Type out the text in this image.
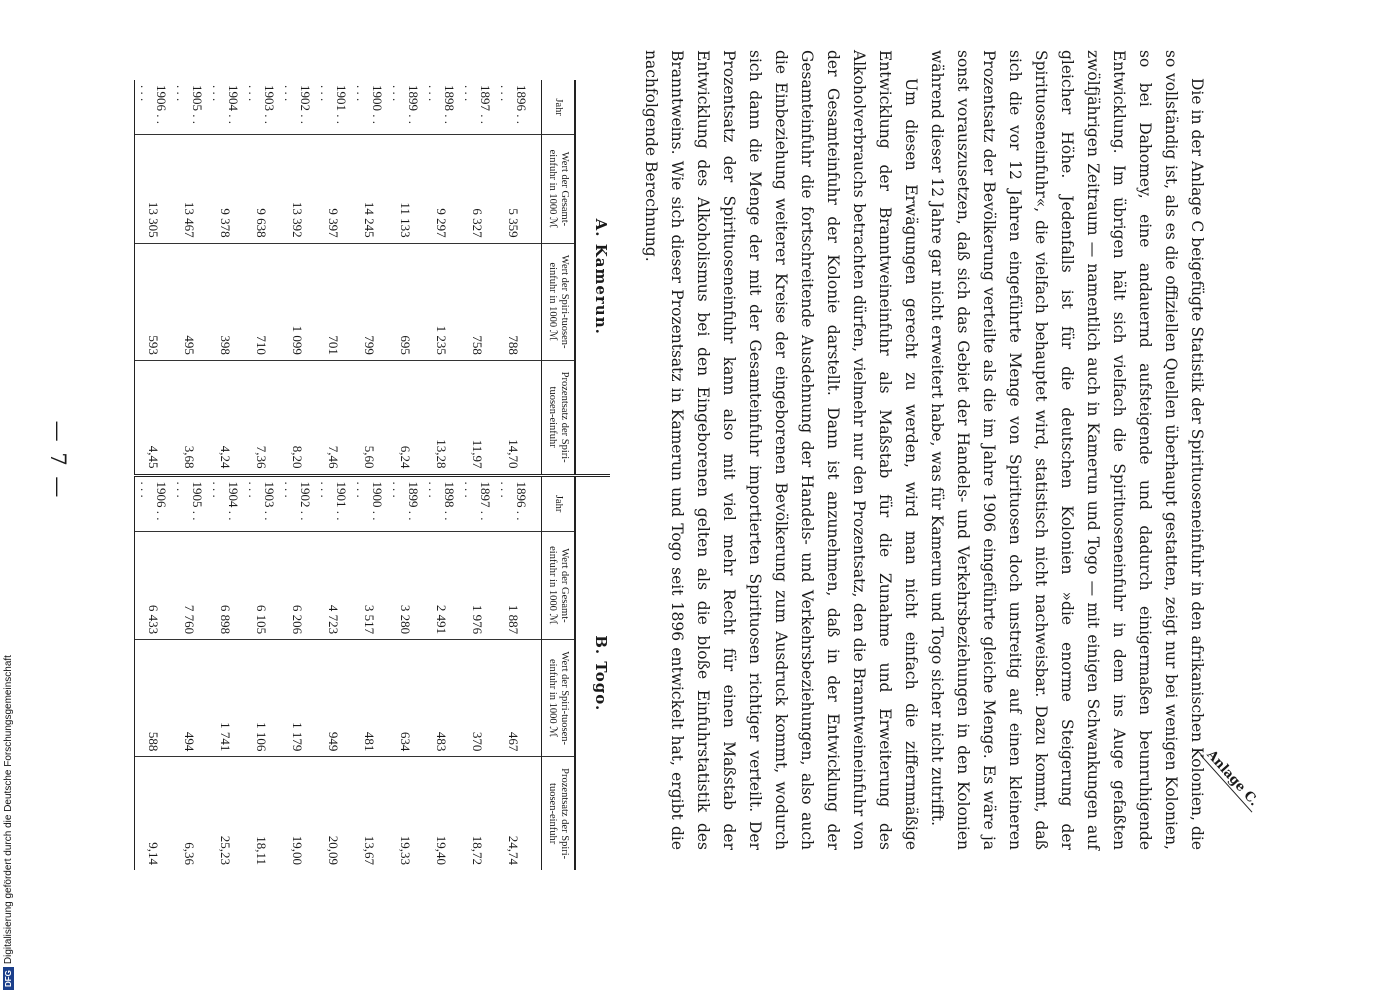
Anlage C.

Die in der Anlage C beigefügte Statistik der Spirituoseneinfuhr in den afrikanischen Kolonien, die so vollständig ist, als es die offiziellen Quellen überhaupt gestatten, zeigt nur bei wenigen Kolonien, so bei Dahomey, eine andauernd aufsteigende und dadurch einigermaßen beunruhigende Entwicklung. Im übrigen hält sich vielfach die Spirituoseneinfuhr in dem ins Auge gefaßten zwölfjährigen Zeitraum — namentlich auch in Kamerun und Togo — mit einigen Schwankungen auf gleicher Höhe. Jedenfalls ist für die deutschen Kolonien »die enorme Steigerung der Spirituoseneinfuhr«, die vielfach behauptet wird, statistisch nicht nachweisbar. Dazu kommt, daß sich die vor 12 Jahren eingeführte Menge von Spirituosen doch unstreitig auf einen kleineren Prozentsatz der Bevölkerung verteilte als die im Jahre 1906 eingeführte gleiche Menge. Es wäre ja sonst vorauszusetzen, daß sich das Gebiet der Handels- und Verkehrsbeziehungen in den Kolonien während dieser 12 Jahre gar nicht erweitert habe, was für Kamerun und Togo sicher nicht zutrifft.

Um diesen Erwägungen gerecht zu werden, wird man nicht einfach die ziffernmäßige Entwicklung der Branntweineinfuhr als Maßstab für die Zunahme und Erweiterung des Alkoholverbrauchs betrachten dürfen, vielmehr nur den Prozentsatz, den die Branntweineinfuhr von der Gesamteinfuhr der Kolonie darstellt. Dann ist anzunehmen, daß in der Entwicklung der Gesamteinfuhr die fortschreitende Ausdehnung der Handels- und Verkehrsbeziehungen, also auch die Einbeziehung weiterer Kreise der eingeborenen Bevölkerung zum Ausdruck kommt, wodurch sich dann die Menge der mit der Gesamteinfuhr importierten Spirituosen richtiger verteilt. Der Prozentsatz der Spirituoseneinfuhr kann also mit viel mehr Recht für einen Maßstab der Entwicklung des Alkoholismus bei den Eingeborenen gelten als die bloße Einfuhrstatistik des Branntweins. Wie sich dieser Prozentsatz in Kamerun und Togo seit 1896 entwickelt hat, ergibt die nachfolgende Berechnung.

A. Kamerun.
Jahr	Wert der Gesamt-einfuhr in 1000 ℳ	Wert der Spiri-tuosen-einfuhr in 1000 ℳ	Prozentsatz der Spiri-tuosen-einfuhr
1896 . . . . .	5 359	788	14,70
1897 . . . . .	6 327	758	11,97
1898 . . . . .	9 297	1 235	13,28
1899 . . . . .	11 133	695	6,24
1900 . . . . .	14 245	799	5,60
1901 . . . . .	9 397	701	7,46
1902 . . . . .	13 392	1 099	8,20
1903 . . . . .	9 638	710	7,36
1904 . . . . .	9 378	398	4,24
1905 . . . . .	13 467	495	3,68
1906 . . . . .	13 305	593	4,45
B. Togo.
Jahr	Wert der Gesamt-einfuhr in 1000 ℳ	Wert der Spiri-tuosen-einfuhr in 1000 ℳ	Prozentsatz der Spiri-tuosen-einfuhr
1896 . . . . .	1 887	467	24,74
1897 . . . . .	1 976	370	18,72
1898 . . . . .	2 491	483	19,40
1899 . . . . .	3 280	634	19,33
1900 . . . . .	3 517	481	13,67
1901 . . . . .	4 723	949	20,09
1902 . . . . .	6 206	1 179	19,00
1903 . . . . .	6 105	1 106	18,11
1904 . . . . .	6 898	1 741	25,23
1905 . . . . .	7 760	494	6,36
1906 . . . . .	6 433	588	9,14
— 7 —
DFGDigitalisierung gefördert durch die Deutsche Forschungsgemeinschaft
